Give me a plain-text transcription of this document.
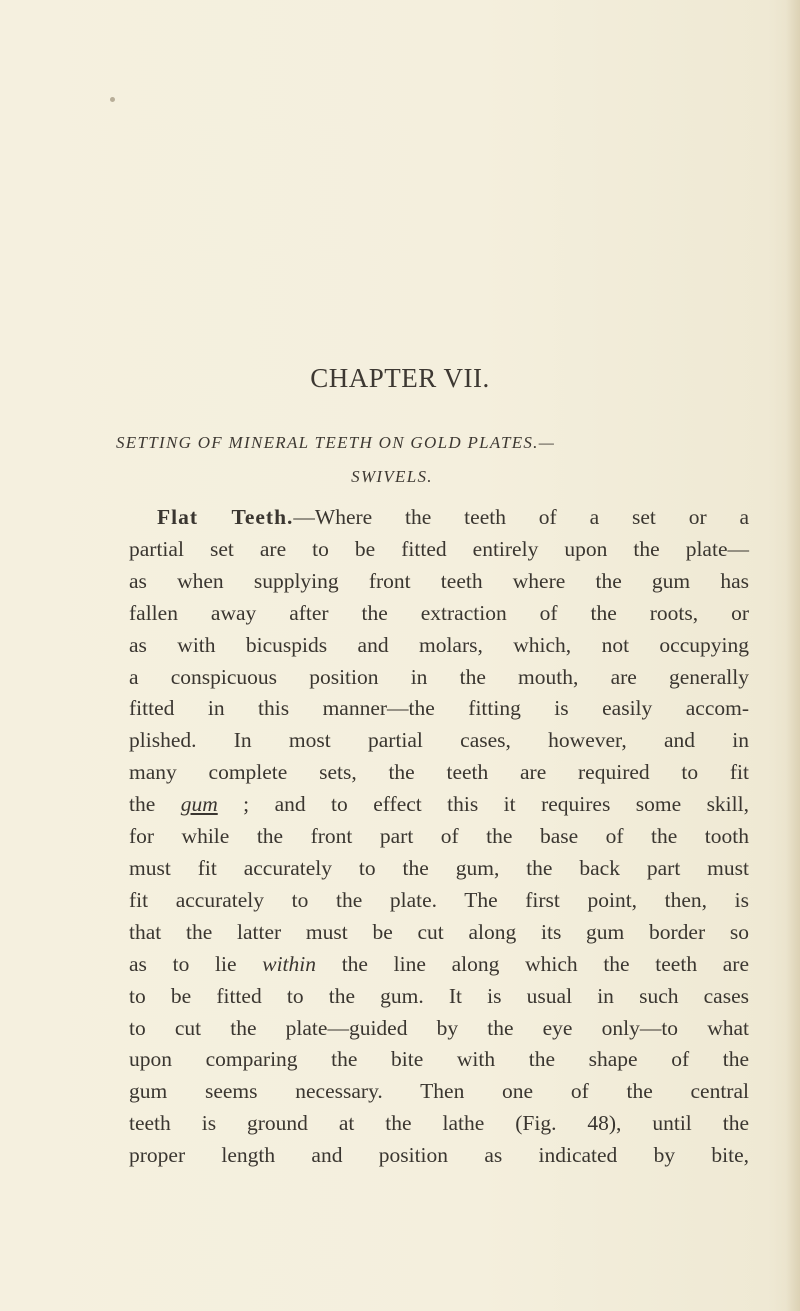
CHAPTER VII.
SETTING OF MINERAL TEETH ON GOLD PLATES.—
SWIVELS.
Flat Teeth.—Where the teeth of a set or a
partial set are to be fitted entirely upon the plate—
as when supplying front teeth where the gum has
fallen away after the extraction of the roots, or
as with bicuspids and molars, which, not occupying
a conspicuous position in the mouth, are generally
fitted in this manner—the fitting is easily accom-
plished. In most partial cases, however, and in
many complete sets, the teeth are required to fit
the gum ; and to effect this it requires some skill,
for while the front part of the base of the tooth
must fit accurately to the gum, the back part must
fit accurately to the plate. The first point, then, is
that the latter must be cut along its gum border so
as to lie within the line along which the teeth are
to be fitted to the gum. It is usual in such cases
to cut the plate—guided by the eye only—to what
upon comparing the bite with the shape of the
gum seems necessary. Then one of the central
teeth is ground at the lathe (Fig. 48), until the
proper length and position as indicated by bite,
